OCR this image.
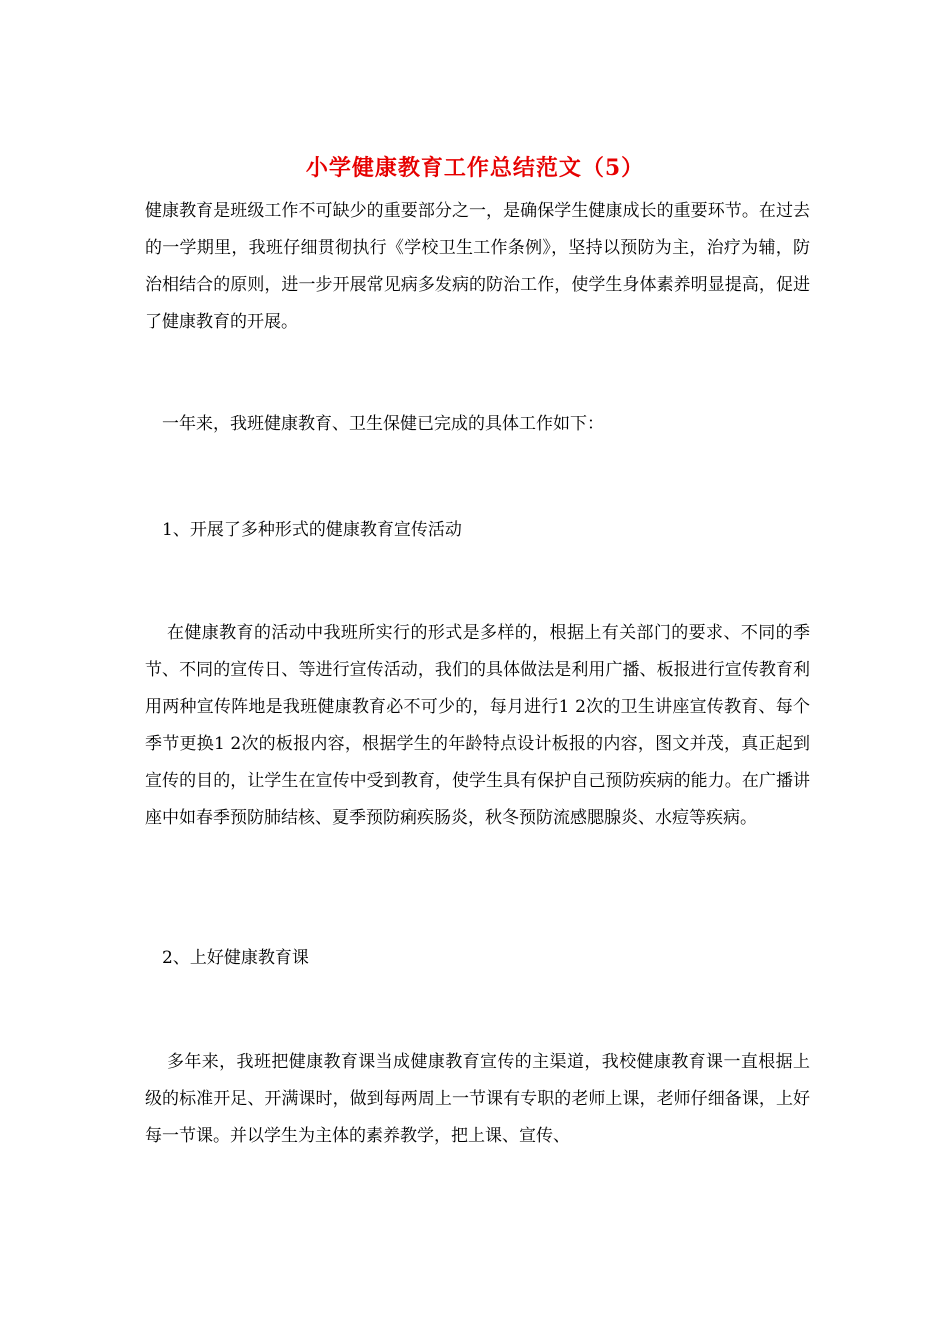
小学健康教育工作总结范文（5）

健康教育是班级工作不可缺少的重要部分之一，是确保学生健康成长的重要环节。在过去的一学期里，我班仔细贯彻执行《学校卫生工作条例》，坚持以预防为主，治疗为辅，防治相结合的原则，进一步开展常见病多发病的防治工作，使学生身体素养明显提高，促进了健康教育的开展。

一年来，我班健康教育、卫生保健已完成的具体工作如下：

1、开展了多种形式的健康教育宣传活动

在健康教育的活动中我班所实行的形式是多样的，根据上有关部门的要求、不同的季节、不同的宣传日、等进行宣传活动，我们的具体做法是利用广播、板报进行宣传教育利用两种宣传阵地是我班健康教育必不可少的，每月进行1 2次的卫生讲座宣传教育、每个季节更换1 2次的板报内容，根据学生的年龄特点设计板报的内容，图文并茂，真正起到宣传的目的，让学生在宣传中受到教育，使学生具有保护自己预防疾病的能力。在广播讲座中如春季预防肺结核、夏季预防痢疾肠炎，秋冬预防流感腮腺炎、水痘等疾病。

2、上好健康教育课

多年来，我班把健康教育课当成健康教育宣传的主渠道，我校健康教育课一直根据上级的标准开足、开满课时，做到每两周上一节课有专职的老师上课，老师仔细备课，上好每一节课。并以学生为主体的素养教学，把上课、宣传、
